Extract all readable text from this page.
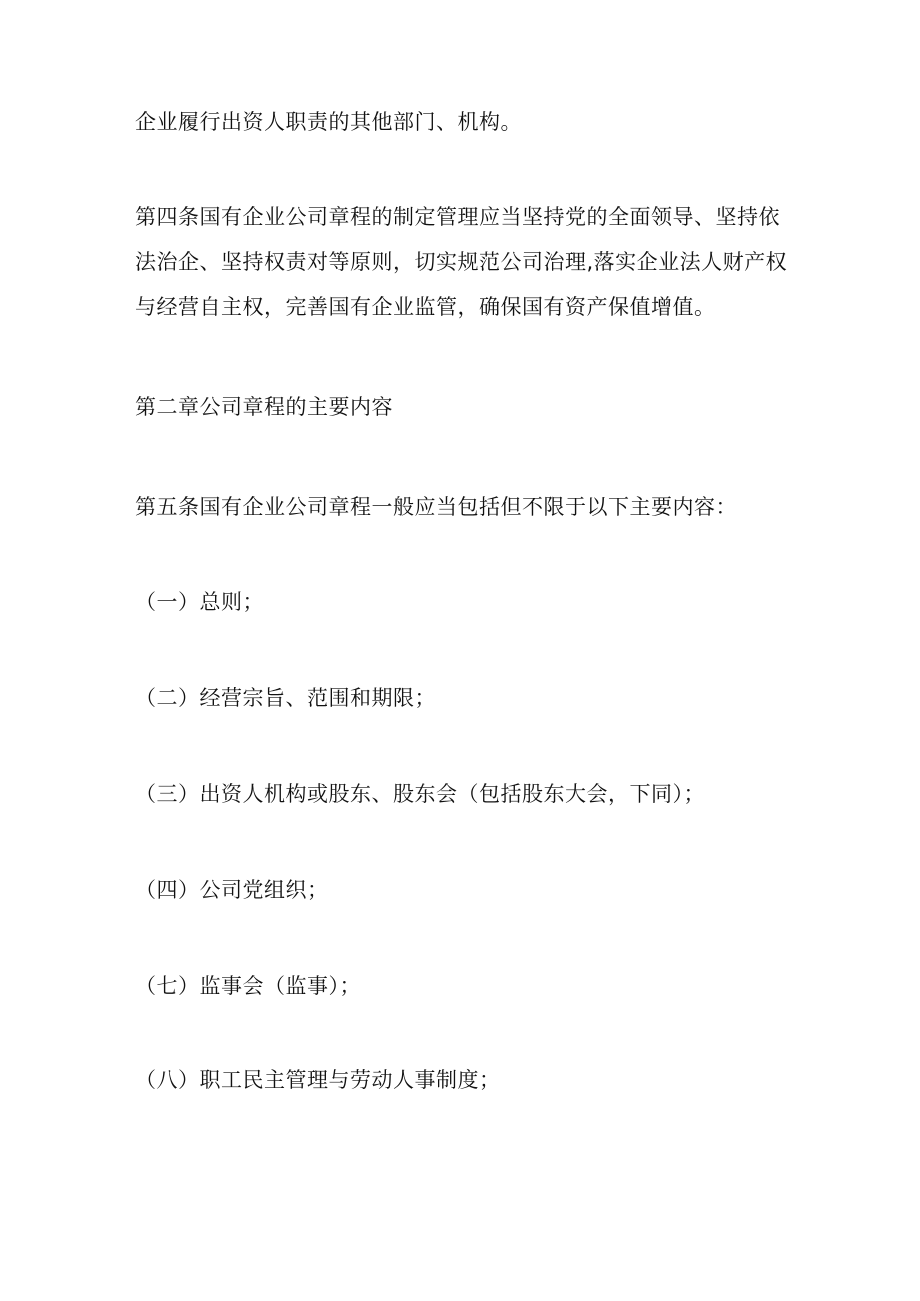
企业履行出资人职责的其他部门、机构。

第四条国有企业公司章程的制定管理应当坚持党的全面领导、坚持依
法治企、坚持权责对等原则，切实规范公司治理,落实企业法人财产权
与经营自主权，完善国有企业监管，确保国有资产保值增值。

第二章公司章程的主要内容

第五条国有企业公司章程一般应当包括但不限于以下主要内容：

（一）总则；

（二）经营宗旨、范围和期限；

（三）出资人机构或股东、股东会（包括股东大会，下同）；

（四）公司党组织；

（七）监事会（监事）；

（八）职工民主管理与劳动人事制度；
